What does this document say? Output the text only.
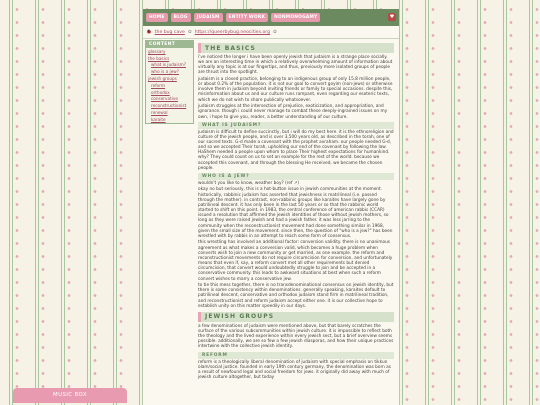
HOME	BLOG	JUDAISM	ENTITY WORK	NONMONOGAMY	♥
🐞 the bug cave ✿ https://queerbybug.neocities.org ✿
CONTENT
glossary
the basics
what is judaism?
who is a jew?
jewish groups
reform
orthodox
conservative
reconstructionist
renewal
karaite
THE BASICS

i've noticed the longer i have been openly jewish that judaism is a strange place socially. we are an interesting time in which a relatively overwhelming amount of information about virtually any topic is at our fingertips, and thus, previously more isolated groups of people are thrust into the spotlight.

judaism is a closed practice, belonging to an indigenous group of only 15.8 million people, or about 0.2% of the population. it is not our goal to convert goyim (non-jews) or otherwise involve them in judaism beyond inviting friends or family to special occasions. despite this, misinformation about us and our culture runs rampant, even regarding our esoteric texts, which we do not wish to share publically whatsoever.

judaism struggles at the intersection of prejudice, exoticization, and appropriation, and ignorance. though i could never manage to combat these deeply-ingrained issues on my own, i hope to give you, reader, a better understanding of our culture.

WHAT IS JUDAISM?

judaism is difficult to define succinctly, but i will do my best here. it is the ethnoreligion and culture of the jewish people, and is over 3,500 years old, as described in the torah, one of our sacred texts. G-d made a covenant with the prophet avraham. our people needed G-d, and so we accepted Their torah, upholding our end of the covenant by following the law. HaShem needed a people upon whom to place Their highest expectations for humankind. why? They could count on us to set an example for the rest of the world. because we accepted this covenant, and through the blessing He received, we became the chosen people.

WHO IS A JEW?

wouldn't you like to know, weather boy? (ref ↗)

okay no but seriously, this is a hot-button issue in jewish communities at the moment. historically, rabbinic judaism has asserted that jewishness is matrilineal (i.e. passed through the mother). in contrast, non-rabbinic groups like karaites have largely gone by patrilineal descent. it has only been in the last 50 years or so that the rabbinic world started to shift on this point. in 1983, the central conference of american rabbis (CCAR) issued a resolution that affirmed the jewish identities of those without jewish mothers, so long as they were raised jewish and had a jewish father. it was less jarring to the community when the reconstructionist movement had done something similar in 1968, given the small size of the movement. since then, the question of "who is a jew?" has been wrestled with by rabbis in an attempt to reach some form of consensus.

this wrestling has involved an additional factor: conversion validity. there is no unanimous agreement as what makes a conversion valid, which becomes a huge problem when converts wish to join a new community or get married, as one example. the reform and reconstructionist movements do not require circumcision for conversion, and unfortunately means that even if, say, a reform convert met all other requirements but denied circumcision, that convert would undoubtedly struggle to join and be accepted in a conservative community. this leads to awkward situations at best when such a reform convert wishes to marry a conservative jew.

to tie this mess together, there is no transdenominational consensus on jewish identity, but there is some consistency within denominations. generally speaking, karaites default to patrilineal descent, conservative and orthodox judaism stand firm in matrilineal tradition, and reconstructionist and reform judaism accept either one. it is our collective hope to establish unity on this matter speedily in our days.

JEWISH GROUPS

a few denominations of judaism were mentioned above, but that barely scratches the surface of the various subcommunities within jewish culture. it is impossible to reflect both the theology and the lived experience within every jewish sect, but a brief overview seems possible. additionally, we are so few a few jewish diasporas, and how their unique practices intertwine with the collective jewish identity.

REFORM

reform is a theologically liberal denomination of judaism with special emphasis on tikkun olam/social justice. founded in early 19th century germany, the denomination was born as a result of newfound legal and social freedom for jews. it originally did away with much of jewish culture altogether, but today

MUSIC BOX
